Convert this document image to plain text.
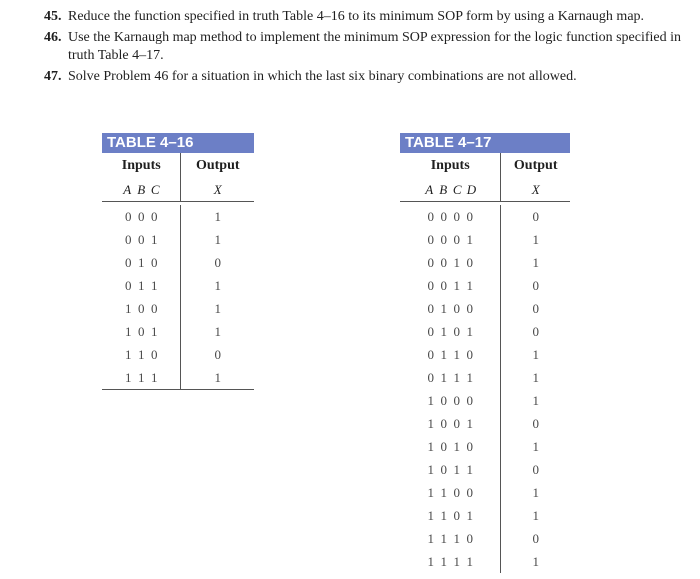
45. Reduce the function specified in truth Table 4–16 to its minimum SOP form by using a Karnaugh map.
46. Use the Karnaugh map method to implement the minimum SOP expression for the logic function specified in truth Table 4–17.
47. Solve Problem 46 for a situation in which the last six binary combinations are not allowed.
TABLE 4–16
Inputs	Output
A B C	X
0 0 0	1
0 0 1	1
0 1 0	0
0 1 1	1
1 0 0	1
1 0 1	1
1 1 0	0
1 1 1	1
TABLE 4–17
Inputs	Output
A B C D	X
0 0 0 0	0
0 0 0 1	1
0 0 1 0	1
0 0 1 1	0
0 1 0 0	0
0 1 0 1	0
0 1 1 0	1
0 1 1 1	1
1 0 0 0	1
1 0 0 1	0
1 0 1 0	1
1 0 1 1	0
1 1 0 0	1
1 1 0 1	1
1 1 1 0	0
1 1 1 1	1
